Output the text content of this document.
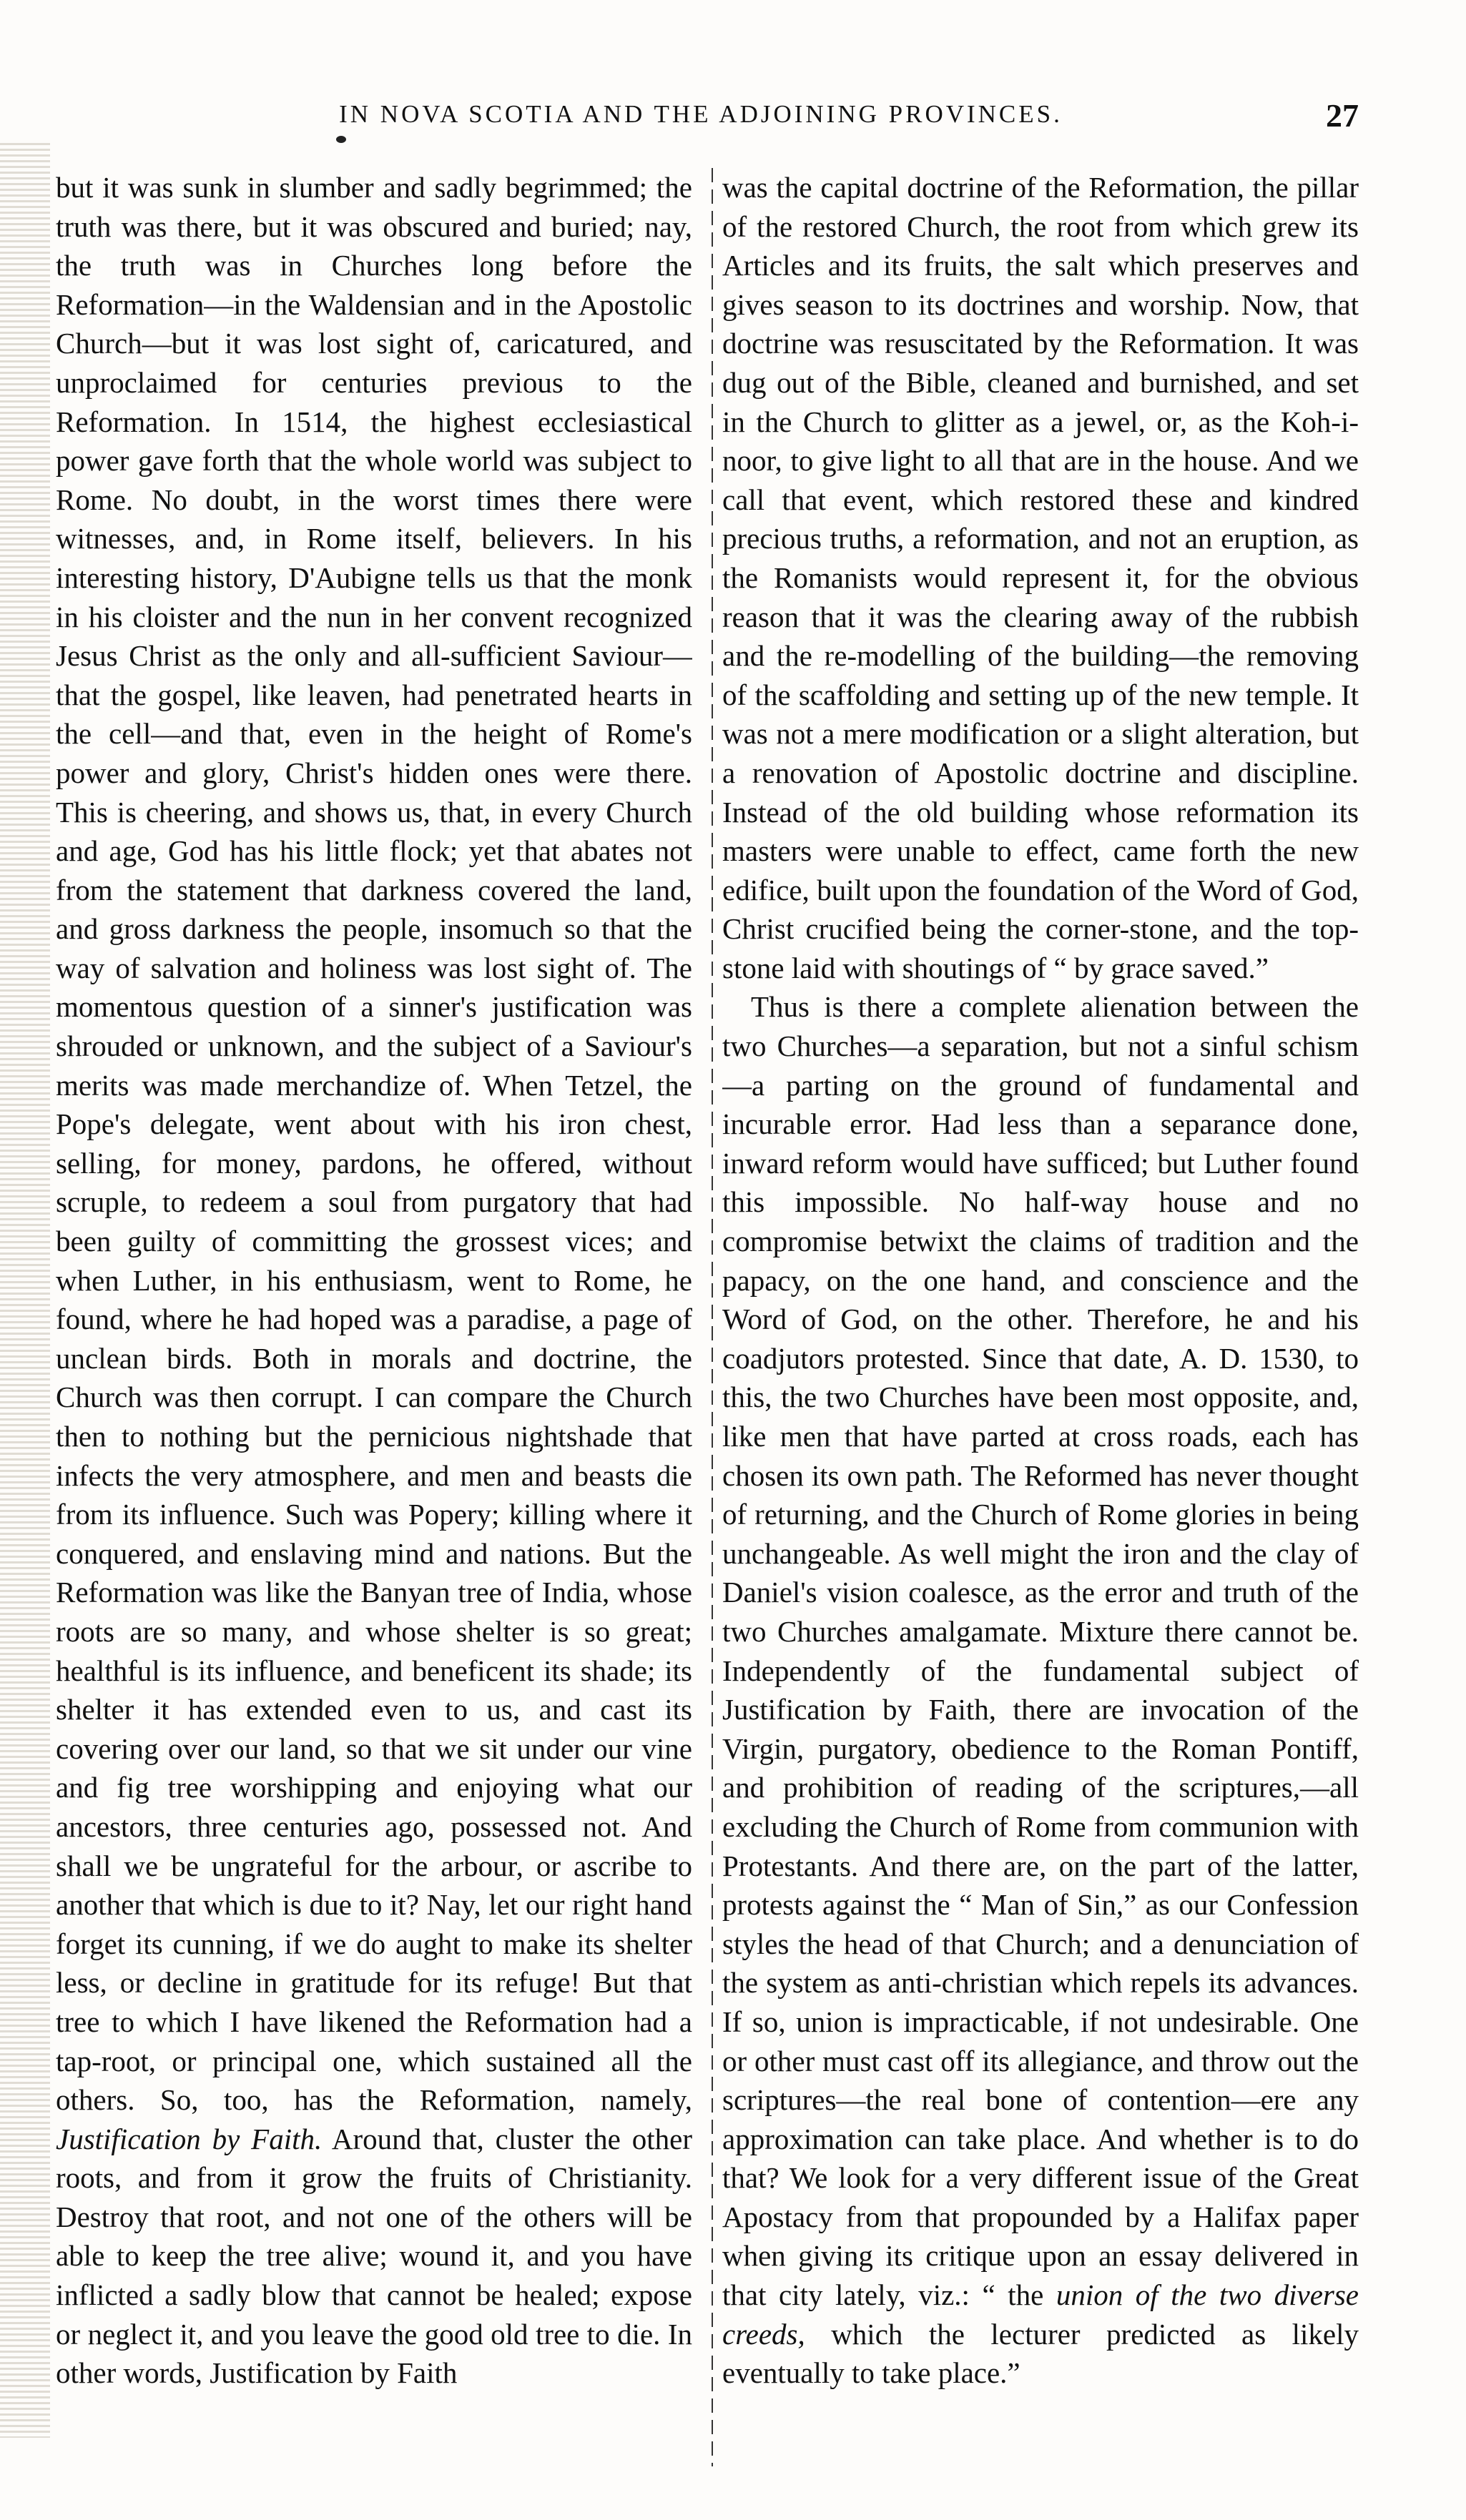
IN NOVA SCOTIA AND THE ADJOINING PROVINCES.	27

but it was sunk in slumber and sadly begrimmed; the truth was there, but it was obscured and buried; nay, the truth was in Churches long before the Reformation—in the Waldensian and in the Apostolic Church—but it was lost sight of, caricatured, and unproclaimed for centuries previous to the Reformation. In 1514, the highest ecclesiastical power gave forth that the whole world was subject to Rome. No doubt, in the worst times there were witnesses, and, in Rome itself, believers. In his interesting history, D'Aubigne tells us that the monk in his cloister and the nun in her convent recognized Jesus Christ as the only and all-sufficient Saviour—that the gospel, like leaven, had penetrated hearts in the cell—and that, even in the height of Rome's power and glory, Christ's hidden ones were there. This is cheering, and shows us, that, in every Church and age, God has his little flock; yet that abates not from the statement that darkness covered the land, and gross darkness the people, insomuch so that the way of salvation and holiness was lost sight of. The momentous question of a sinner's justification was shrouded or unknown, and the subject of a Saviour's merits was made merchandize of. When Tetzel, the Pope's delegate, went about with his iron chest, selling, for money, pardons, he offered, without scruple, to redeem a soul from purgatory that had been guilty of committing the grossest vices; and when Luther, in his enthusiasm, went to Rome, he found, where he had hoped was a paradise, a page of unclean birds. Both in morals and doctrine, the Church was then corrupt. I can compare the Church then to nothing but the pernicious nightshade that infects the very atmosphere, and men and beasts die from its influence. Such was Popery; killing where it conquered, and enslaving mind and nations. But the Reformation was like the Banyan tree of India, whose roots are so many, and whose shelter is so great; healthful is its influence, and beneficent its shade; its shelter it has extended even to us, and cast its covering over our land, so that we sit under our vine and fig tree worshipping and enjoying what our ancestors, three centuries ago, possessed not. And shall we be ungrateful for the arbour, or ascribe to another that which is due to it? Nay, let our right hand forget its cunning, if we do aught to make its shelter less, or decline in gratitude for its refuge! But that tree to which I have likened the Reformation had a tap-root, or principal one, which sustained all the others. So, too, has the Reformation, namely, Justification by Faith. Around that, cluster the other roots, and from it grow the fruits of Christianity. Destroy that root, and not one of the others will be able to keep the tree alive; wound it, and you have inflicted a sadly blow that cannot be healed; expose or neglect it, and you leave the good old tree to die. In other words, Justification by Faith

was the capital doctrine of the Reformation, the pillar of the restored Church, the root from which grew its Articles and its fruits, the salt which preserves and gives season to its doctrines and worship. Now, that doctrine was resuscitated by the Reformation. It was dug out of the Bible, cleaned and burnished, and set in the Church to glitter as a jewel, or, as the Koh-i-noor, to give light to all that are in the house. And we call that event, which restored these and kindred precious truths, a reformation, and not an eruption, as the Romanists would represent it, for the obvious reason that it was the clearing away of the rubbish and the re-modelling of the building—the removing of the scaffolding and setting up of the new temple. It was not a mere modification or a slight alteration, but a renovation of Apostolic doctrine and discipline. Instead of the old building whose reformation its masters were unable to effect, came forth the new edifice, built upon the foundation of the Word of God, Christ crucified being the corner-stone, and the top-stone laid with shoutings of “ by grace saved.”

Thus is there a complete alienation between the two Churches—a separation, but not a sinful schism—a parting on the ground of fundamental and incurable error. Had less than a separance done, inward reform would have sufficed; but Luther found this impossible. No half-way house and no compromise betwixt the claims of tradition and the papacy, on the one hand, and conscience and the Word of God, on the other. Therefore, he and his coadjutors protested. Since that date, A. D. 1530, to this, the two Churches have been most opposite, and, like men that have parted at cross roads, each has chosen its own path. The Reformed has never thought of returning, and the Church of Rome glories in being unchangeable. As well might the iron and the clay of Daniel's vision coalesce, as the error and truth of the two Churches amalgamate. Mixture there cannot be. Independently of the fundamental subject of Justification by Faith, there are invocation of the Virgin, purgatory, obedience to the Roman Pontiff, and prohibition of reading of the scriptures,—all excluding the Church of Rome from communion with Protestants. And there are, on the part of the latter, protests against the “ Man of Sin,” as our Confession styles the head of that Church; and a denunciation of the system as anti-christian which repels its advances. If so, union is impracticable, if not undesirable. One or other must cast off its allegiance, and throw out the scriptures—the real bone of contention—ere any approximation can take place. And whether is to do that? We look for a very different issue of the Great Apostacy from that propounded by a Halifax paper when giving its critique upon an essay delivered in that city lately, viz.: “ the union of the two diverse creeds, which the lecturer predicted as likely eventually to take place.”
